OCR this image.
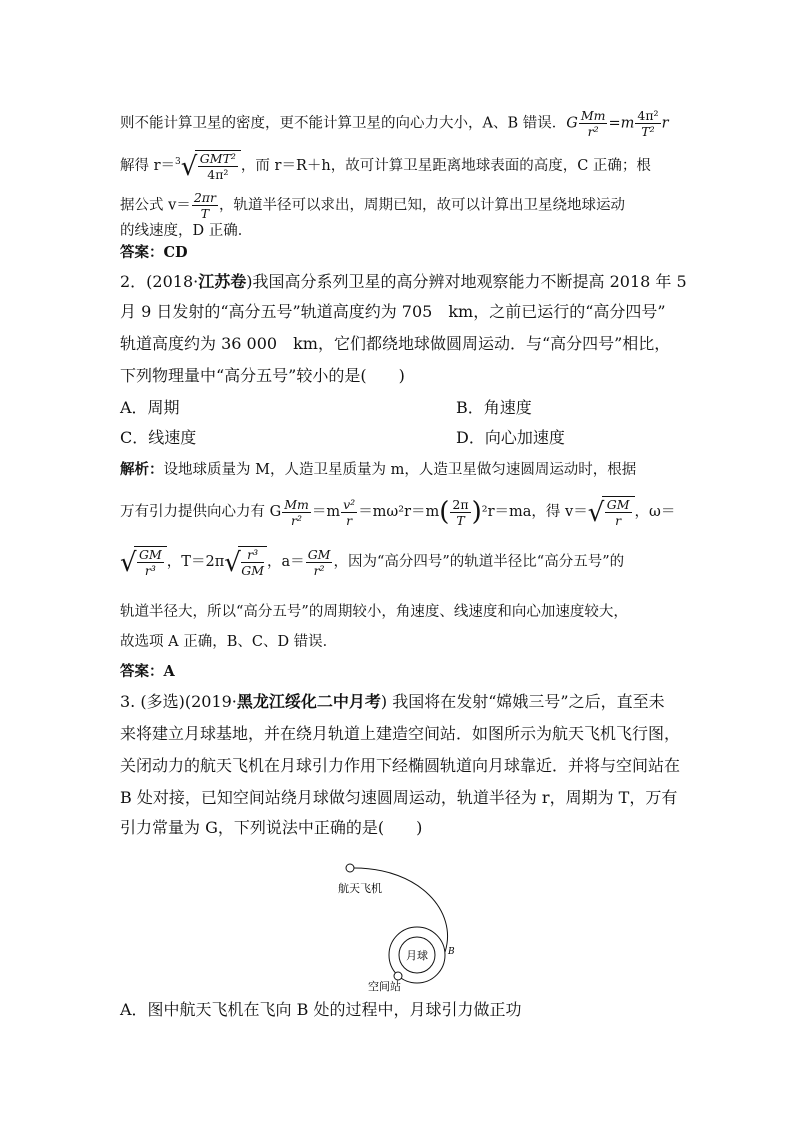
则不能计算卫星的密度，更不能计算卫星的向心力大小，A、B 错误．G $\frac{Mm}{\text{r²}} =m \frac{\text{4π²}}{\text{T²}}$ r
解得 r＝$^3$ √ $\frac{\text{GMT²}}{\text{4π²}}$ ，而 r＝R＋h，故可计算卫星距离地球表面的高度，C 正确；根
据公式 $v= \frac{2\pi r}{T}$ ，轨道半径可以求出，周期已知，故可以计算出卫星绕地球运动
的线速度，D 正确．
答案：CD
2．(2018·江苏卷)我国高分系列卫星的高分辨对地观察能力不断提高 2018 年 5
月 9 日发射的“高分五号”轨道高度约为 705　km，之前已运行的“高分四号”
轨道高度约为 36 000　km，它们都绕地球做圆周运动．与“高分四号”相比，
下列物理量中“高分五号”较小的是(　　)
A．周期	B．角速度
C．线速度	D．向心加速度
解析：设地球质量为 M，人造卫星质量为 m，人造卫星做匀速圆周运动时，根据
万有引力提供向心力有 G $\frac{Mm}{\text{r²}} =m \frac{\text{v²}}{r} =m\omega^2r=m( \frac{2\pi}{T} )^2r=ma$，得 v＝ √ $\frac{GM}{r}$ ，ω＝
√ $\frac{GM}{\text{r³}}$ ，T＝2π √ $\frac{\text{r³}}{GM}$ ，$a= \frac{GM}{\text{r²}}$ ，因为“高分四号”的轨道半径比“高分五号”的
轨道半径大，所以“高分五号”的周期较小，角速度、线速度和向心加速度较大，
故选项 A 正确，B、C、D 错误．
答案：A
3. (多选)(2019·黑龙江绥化二中月考) 我国将在发射“嫦娥三号”之后，直至未
来将建立月球基地，并在绕月轨道上建造空间站．如图所示为航天飞机飞行图，
关闭动力的航天飞机在月球引力作用下经椭圆轨道向月球靠近．并将与空间站在
B 处对接，已知空间站绕月球做匀速圆周运动，轨道半径为 r，周期为 T，万有
引力常量为 G，下列说法中正确的是(　　)
航天飞机
月球
空间站
B
A．图中航天飞机在飞向 B 处的过程中，月球引力做正功
